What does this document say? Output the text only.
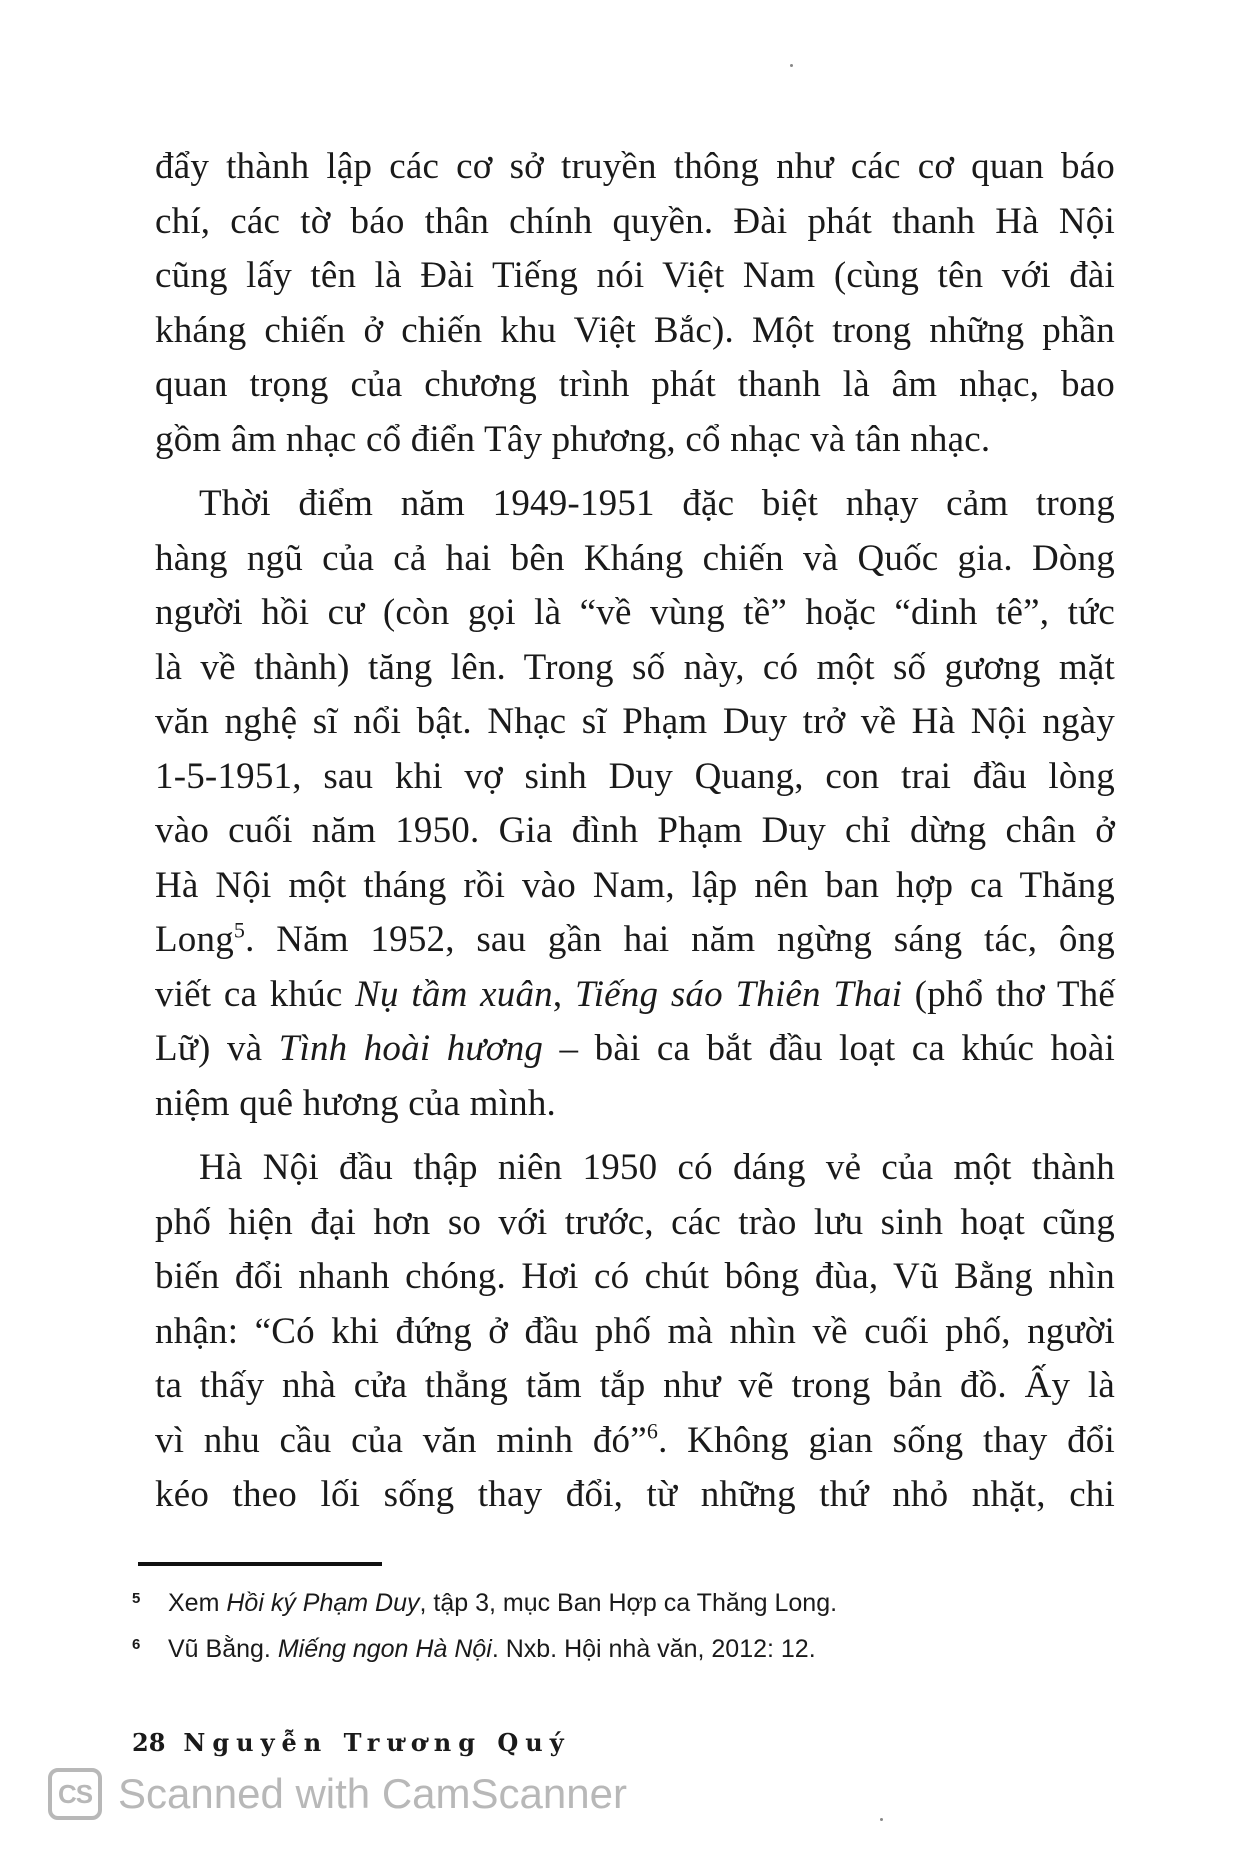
đẩy thành lập các cơ sở truyền thông như các cơ quan báo
chí, các tờ báo thân chính quyền. Đài phát thanh Hà Nội
cũng lấy tên là Đài Tiếng nói Việt Nam (cùng tên với đài
kháng chiến ở chiến khu Việt Bắc). Một trong những phần
quan trọng của chương trình phát thanh là âm nhạc, bao
gồm âm nhạc cổ điển Tây phương, cổ nhạc và tân nhạc.

Thời điểm năm 1949-1951 đặc biệt nhạy cảm trong
hàng ngũ của cả hai bên Kháng chiến và Quốc gia. Dòng
người hồi cư (còn gọi là “về vùng tề” hoặc “dinh tê”, tức
là về thành) tăng lên. Trong số này, có một số gương mặt
văn nghệ sĩ nổi bật. Nhạc sĩ Phạm Duy trở về Hà Nội ngày
1-5-1951, sau khi vợ sinh Duy Quang, con trai đầu lòng
vào cuối năm 1950. Gia đình Phạm Duy chỉ dừng chân ở
Hà Nội một tháng rồi vào Nam, lập nên ban hợp ca Thăng
Long$^5$. Năm 1952, sau gần hai năm ngừng sáng tác, ông
viết ca khúc Nụ tầm xuân, Tiếng sáo Thiên Thai (phổ thơ Thế
Lữ) và Tình hoài hương – bài ca bắt đầu loạt ca khúc hoài
niệm quê hương của mình.

Hà Nội đầu thập niên 1950 có dáng vẻ của một thành
phố hiện đại hơn so với trước, các trào lưu sinh hoạt cũng
biến đổi nhanh chóng. Hơi có chút bông đùa, Vũ Bằng nhìn
nhận: “Có khi đứng ở đầu phố mà nhìn về cuối phố, người
ta thấy nhà cửa thẳng tăm tắp như vẽ trong bản đồ. Ấy là
vì nhu cầu của văn minh đó”$^6$. Không gian sống thay đổi
kéo theo lối sống thay đổi, từ những thứ nhỏ nhặt, chi

5 Xem Hồi ký Phạm Duy, tập 3, mục Ban Hợp ca Thăng Long.
6 Vũ Bằng. Miếng ngon Hà Nội. Nxb. Hội nhà văn, 2012: 12.
28 Nguyễn Trương Quý
CS Scanned with CamScanner
